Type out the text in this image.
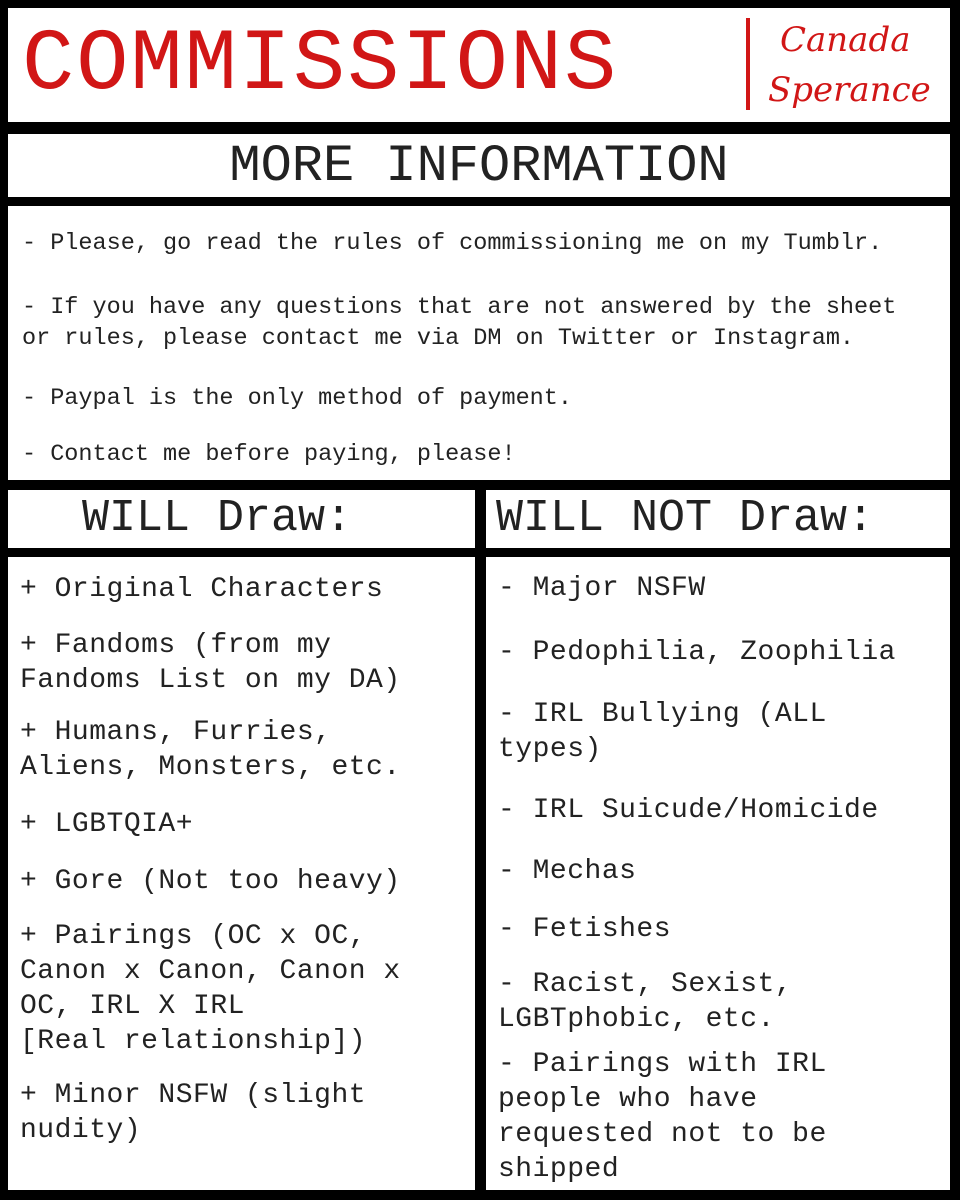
COMMISSIONS	Canada
Sperance
MORE INFORMATION
- Please, go read the rules of commissioning me on my Tumblr.
- If you have any questions that are not answered by the sheet
or rules, please contact me via DM on Twitter or Instagram.
- Paypal is the only method of payment.
- Contact me before paying, please!
WILL Draw:	WILL NOT Draw:
+ Original Characters
+ Fandoms (from my
Fandoms List on my DA)
+ Humans, Furries,
Aliens, Monsters, etc.
+ LGBTQIA+
+ Gore (Not too heavy)
+ Pairings (OC x OC,
Canon x Canon, Canon x
OC, IRL X IRL
[Real relationship])
+ Minor NSFW (slight
nudity)
- Major NSFW
- Pedophilia, Zoophilia
- IRL Bullying (ALL
types)
- IRL Suicude/Homicide
- Mechas
- Fetishes
- Racist, Sexist,
LGBTphobic, etc.
- Pairings with IRL
people who have
requested not to be
shipped
